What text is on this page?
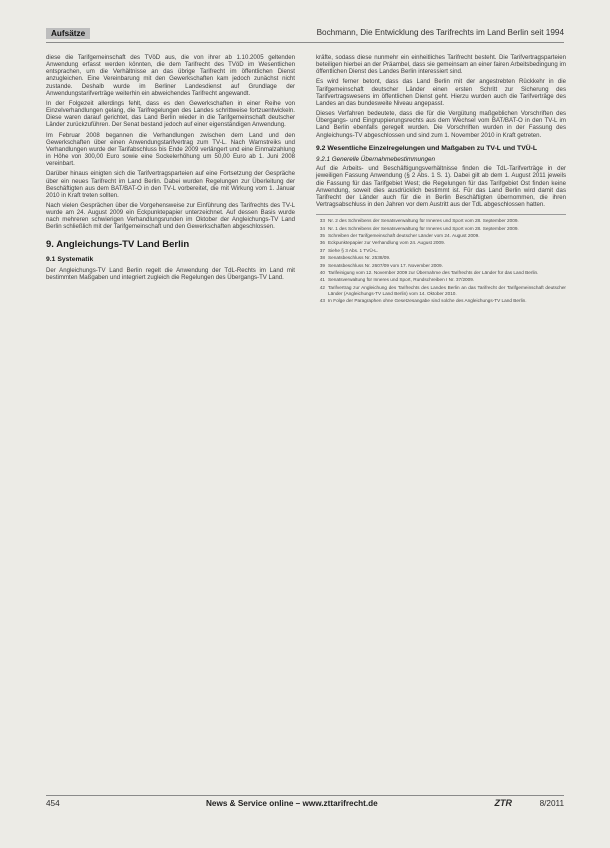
Aufsätze	Bochmann, Die Entwicklung des Tarifrechts im Land Berlin seit 1994

diese die Tarifgemeinschaft des TVöD aus, die von ihrer ab 1.10.2005 geltenden Anwendung erfasst werden könnten, die dem Tarifrecht des TVöD im Wesentlichen entsprachen, um die Verhältnisse an das übrige Tarifrecht im öffentlichen Dienst anzugleichen. Eine Vereinbarung mit den Gewerkschaften kam jedoch zunächst nicht zustande. Deshalb wurde im Berliner Landesdienst auf Grundlage der Anwendungstarifverträge weiterhin ein abweichendes Tarifrecht angewandt.

In der Folgezeit allerdings fehlt, dass es den Gewerkschaften in einer Reihe von Einzelverhandlungen gelang, die Tarifregelungen des Landes schrittweise fortzuentwickeln. Diese waren darauf gerichtet, das Land Berlin wieder in die Tarifgemeinschaft deutscher Länder zurückzuführen. Der Senat bestand jedoch auf einer eigenständigen Anwendung.

Im Februar 2008 begannen die Verhandlungen zwischen dem Land und den Gewerkschaften über einen Anwendungstarifvertrag zum TV-L. Nach Warnstreiks und Verhandlungen wurde der Tarifabschluss bis Ende 2009 verlängert und eine Einmalzahlung in Höhe von 300,00 Euro sowie eine Sockelerhöhung um 50,00 Euro ab 1. Juni 2008 vereinbart.

Darüber hinaus einigten sich die Tarifvertragsparteien auf eine Fortsetzung der Gespräche über ein neues Tarifrecht im Land Berlin. Dabei wurden Regelungen zur Überleitung der Beschäftigten aus dem BAT/BAT-O in den TV-L vorbereitet, die mit Wirkung vom 1. Januar 2010 in Kraft treten sollten.

Nach vielen Gesprächen über die Vorgehensweise zur Einführung des Tarifrechts des TV-L wurde am 24. August 2009 ein Eckpunktepapier unterzeichnet. Auf dessen Basis wurde nach mehreren schwierigen Verhandlungsrunden im Oktober der Angleichungs-TV Land Berlin schließlich mit der Tarifgemeinschaft und den Gewerkschaften abgeschlossen.

9. Angleichungs-TV Land Berlin
9.1 Systematik

Der Angleichungs-TV Land Berlin regelt die Anwendung der TdL-Rechts im Land mit bestimmten Maßgaben und integriert zugleich die Regelungen des Übergangs-TV Land.

kräfte, sodass diese nunmehr ein einheitliches Tarifrecht besteht. Die Tarifvertragsparteien beteiligen hierbei an der Präambel, dass sie gemeinsam an einer fairen Arbeitsbedingung im öffentlichen Dienst des Landes Berlin interessiert sind.

Es wird ferner betont, dass das Land Berlin mit der angestrebten Rückkehr in die Tarifgemeinschaft deutscher Länder einen ersten Schritt zur Sicherung des Tarifvertragswesens im öffentlichen Dienst geht. Hierzu wurden auch die Tarifverträge des Landes an das bundesweite Niveau angepasst.

Dieses Verfahren bedeutete, dass die für die Vergütung maßgeblichen Vorschriften des Übergangs- und Eingruppierungsrechts aus dem Wechsel vom BAT/BAT-O in den TV-L im Land Berlin ebenfalls geregelt wurden. Die Vorschriften wurden in der Fassung des Angleichungs-TV abgeschlossen und sind zum 1. November 2010 in Kraft getreten.

9.2 Wesentliche Einzelregelungen und Maßgaben zu TV-L und TVÜ-L
9.2.1 Generelle Übernahmebestimmungen

Auf die Arbeits- und Beschäftigungsverhältnisse finden die TdL-Tarifverträge in der jeweiligen Fassung Anwendung (§ 2 Abs. 1 S. 1). Dabei gilt ab dem 1. August 2011 jeweils die Fassung für das Tarifgebiet West; die Regelungen für das Tarifgebiet Ost finden keine Anwendung, soweit dies ausdrücklich bestimmt ist. Für das Land Berlin wird damit das Tarifrecht der Länder auch für die in Berlin Beschäftigten übernommen, die ihren Vertragsabschluss in den Jahren vor dem Austritt aus der TdL abgeschlossen hatten.

33 Nr. 2 des Schreibens der Senatsverwaltung für Inneres und Sport vom 28. September 2009.
34 Nr. 1 des Schreibens der Senatsverwaltung für Inneres und Sport vom 28. September 2009.
35 Schreiben der Tarifgemeinschaft deutscher Länder vom 24. August 2009.
36 Eckpunktepapier zur Verhandlung vom 24. August 2009.
37 Siehe § 3 Abs. 1 TVÜ-L.
38 Senatsbeschluss Nr. 2538/09.
39 Senatsbeschluss Nr. 2607/09 vom 17. November 2009.
40 Tarifeinigung vom 12. November 2009 zur Übernahme des Tarifrechts der Länder für das Land Berlin.
41 Senatsverwaltung für Inneres und Sport, Rundschreiben I Nr. 37/2009.
42 Tarifvertrag zur Angleichung des Tarifrechts des Landes Berlin an das Tarifrecht der Tarifgemeinschaft deutscher Länder (Angleichungs-TV Land Berlin) vom 14. Oktober 2010.
43 In Folge der Paragraphen ohne Gesetzesangabe sind solche des Angleichungs-TV Land Berlin.
454	News & Service online – www.zttarifrecht.de	ZTR	8/2011
